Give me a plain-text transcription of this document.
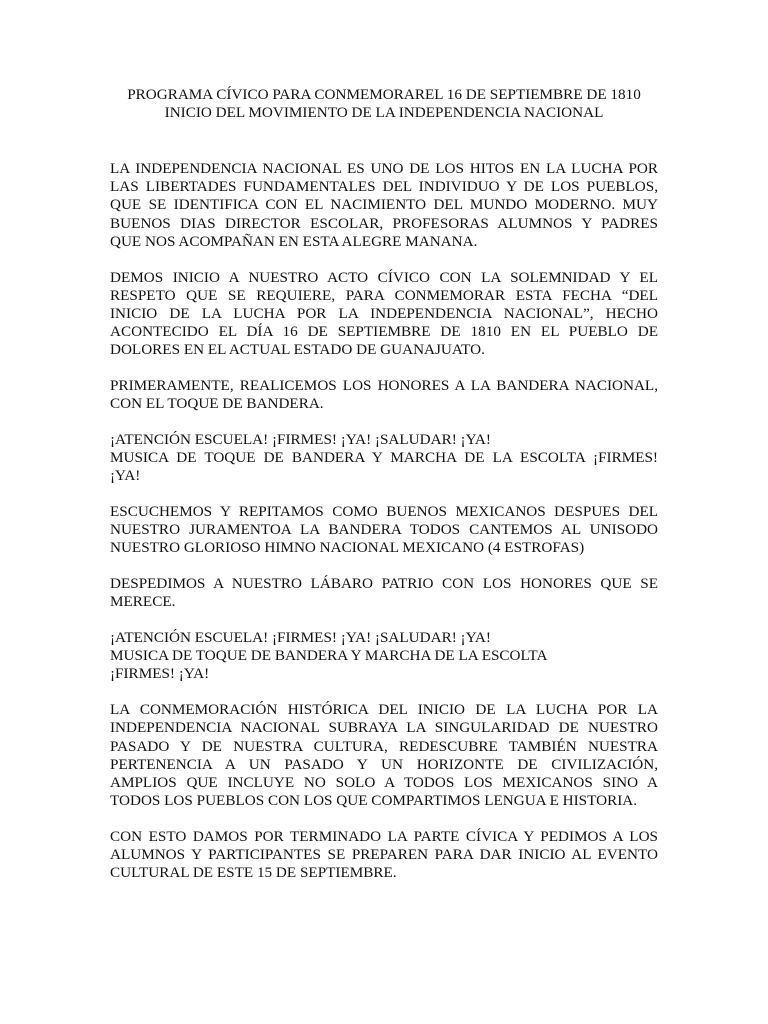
PROGRAMA CÍVICO PARA CONMEMORAREL 16 DE SEPTIEMBRE DE 1810
INICIO DEL MOVIMIENTO DE LA INDEPENDENCIA NACIONAL
LA INDEPENDENCIA NACIONAL ES UNO DE LOS HITOS EN LA LUCHA POR
LAS LIBERTADES FUNDAMENTALES DEL INDIVIDUO Y DE LOS PUEBLOS,
QUE SE IDENTIFICA CON EL NACIMIENTO DEL MUNDO MODERNO. MUY
BUENOS DIAS DIRECTOR ESCOLAR, PROFESORAS ALUMNOS Y PADRES
QUE NOS ACOMPAÑAN EN ESTA ALEGRE MANANA.
DEMOS INICIO A NUESTRO ACTO CÍVICO CON LA SOLEMNIDAD Y EL
RESPETO QUE SE REQUIERE, PARA CONMEMORAR ESTA FECHA “DEL
INICIO DE LA LUCHA POR LA INDEPENDENCIA NACIONAL”, HECHO
ACONTECIDO EL DÍA 16 DE SEPTIEMBRE DE 1810 EN EL PUEBLO DE
DOLORES EN EL ACTUAL ESTADO DE GUANAJUATO.
PRIMERAMENTE, REALICEMOS LOS HONORES A LA BANDERA NACIONAL,
CON EL TOQUE DE BANDERA.
¡ATENCIÓN ESCUELA! ¡FIRMES! ¡YA! ¡SALUDAR! ¡YA!
MUSICA DE TOQUE DE BANDERA Y MARCHA DE LA ESCOLTA ¡FIRMES!
¡YA!
ESCUCHEMOS Y REPITAMOS COMO BUENOS MEXICANOS DESPUES DEL
NUESTRO JURAMENTOA LA BANDERA TODOS CANTEMOS AL UNISODO
NUESTRO GLORIOSO HIMNO NACIONAL MEXICANO (4 ESTROFAS)
DESPEDIMOS A NUESTRO LÁBARO PATRIO CON LOS HONORES QUE SE
MERECE.
¡ATENCIÓN ESCUELA! ¡FIRMES! ¡YA! ¡SALUDAR! ¡YA!
MUSICA DE TOQUE DE BANDERA Y MARCHA DE LA ESCOLTA
¡FIRMES! ¡YA!
LA CONMEMORACIÓN HISTÓRICA DEL INICIO DE LA LUCHA POR LA
INDEPENDENCIA NACIONAL SUBRAYA LA SINGULARIDAD DE NUESTRO
PASADO Y DE NUESTRA CULTURA, REDESCUBRE TAMBIÉN NUESTRA
PERTENENCIA A UN PASADO Y UN HORIZONTE DE CIVILIZACIÓN,
AMPLIOS QUE INCLUYE NO SOLO A TODOS LOS MEXICANOS SINO A
TODOS LOS PUEBLOS CON LOS QUE COMPARTIMOS LENGUA E HISTORIA.
CON ESTO DAMOS POR TERMINADO LA PARTE CÍVICA Y PEDIMOS A LOS
ALUMNOS Y PARTICIPANTES SE PREPAREN PARA DAR INICIO AL EVENTO
CULTURAL DE ESTE 15 DE SEPTIEMBRE.
